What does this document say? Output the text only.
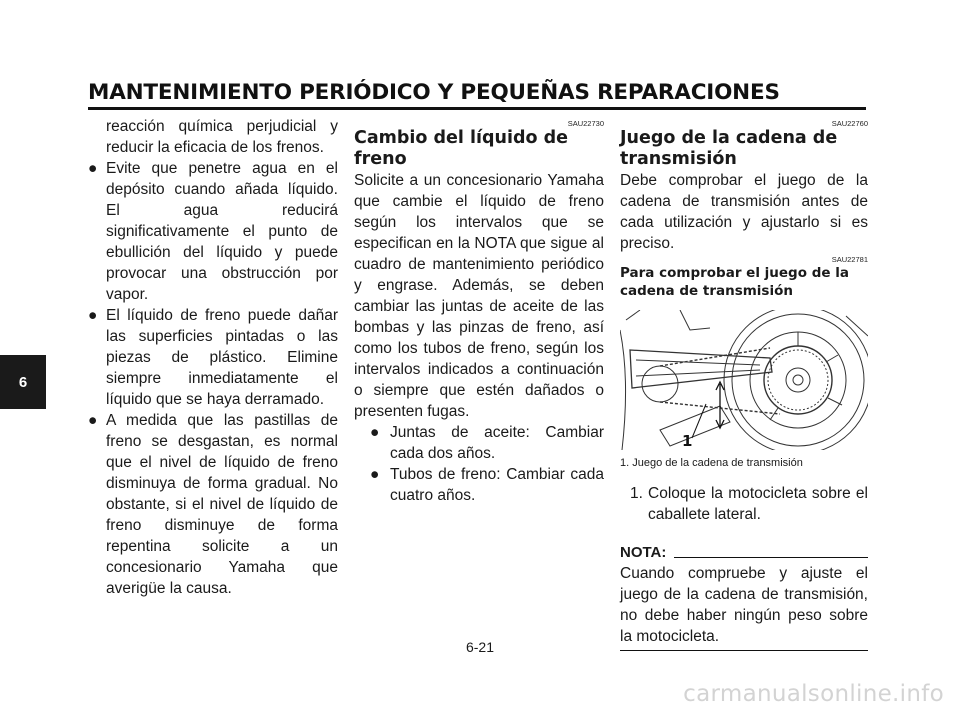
MANTENIMIENTO PERIÓDICO Y PEQUEÑAS REPARACIONES
6

reacción química perjudicial y reducir la eficacia de los frenos.

● Evite que penetre agua en el depósito cuando añada líquido. El agua reducirá significativamente el punto de ebullición del líquido y puede provocar una obstrucción por vapor.
● El líquido de freno puede dañar las superficies pintadas o las piezas de plástico. Elimine siempre inmediatamente el líquido que se haya derramado.
● A medida que las pastillas de freno se desgastan, es normal que el nivel de líquido de freno disminuya de forma gradual. No obstante, si el nivel de líquido de freno disminuye de forma repentina solicite a un concesionario Yamaha que averigüe la causa.
SAU22730
Cambio del líquido de freno

Solicite a un concesionario Yamaha que cambie el líquido de freno según los intervalos que se especifican en la NOTA que sigue al cuadro de mantenimiento periódico y engrase. Además, se deben cambiar las juntas de aceite de las bombas y las pinzas de freno, así como los tubos de freno, según los intervalos indicados a continuación o siempre que estén dañados o presenten fugas.

● Juntas de aceite: Cambiar cada dos años.
● Tubos de freno: Cambiar cada cuatro años.
SAU22760
Juego de la cadena de transmisión

Debe comprobar el juego de la cadena de transmisión antes de cada utilización y ajustarlo si es preciso.

SAU22781
Para comprobar el juego de la cadena de transmisión
1
1. Juego de la cadena de transmisión
1. Coloque la motocicleta sobre el caballete lateral.
NOTA:

Cuando compruebe y ajuste el juego de la cadena de transmisión, no debe haber ningún peso sobre la motocicleta.

6-21
carmanualsonline.info
